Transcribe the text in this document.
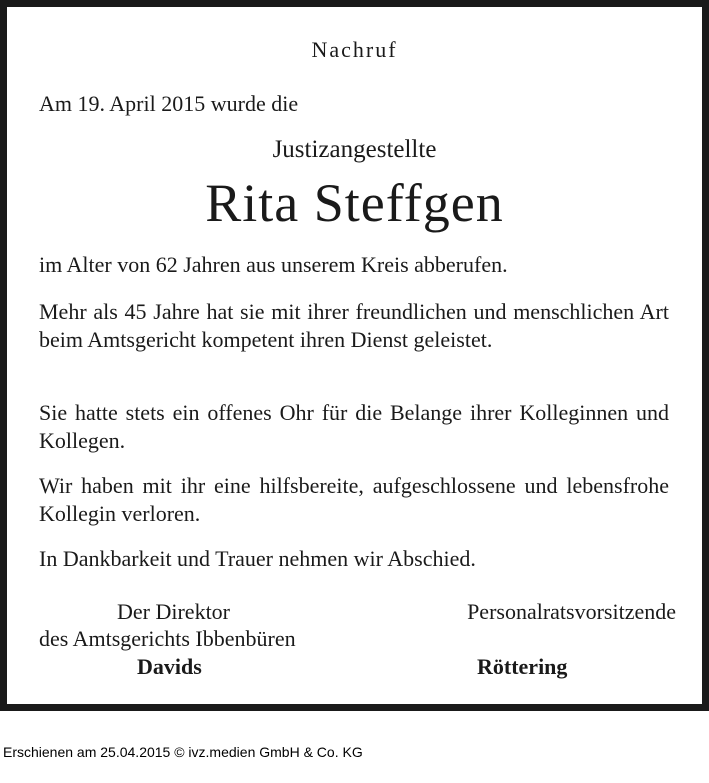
Nachruf
Am 19. April 2015 wurde die
Justizangestellte
Rita Steffgen

im Alter von 62 Jahren aus unserem Kreis abberufen.

Mehr als 45 Jahre hat sie mit ihrer freundlichen und menschlichen Art beim Amtsgericht kompetent ihren Dienst geleistet.

Sie hatte stets ein offenes Ohr für die Belange ihrer Kolleginnen und Kollegen.

Wir haben mit ihr eine hilfsbereite, aufgeschlossene und lebensfrohe Kollegin verloren.

In Dankbarkeit und Trauer nehmen wir Abschied.

Der Direktor
des Amtsgerichts Ibbenbüren
Davids
Personalratsvorsitzende
Röttering
Erschienen am 25.04.2015 © ivz.medien GmbH & Co. KG
